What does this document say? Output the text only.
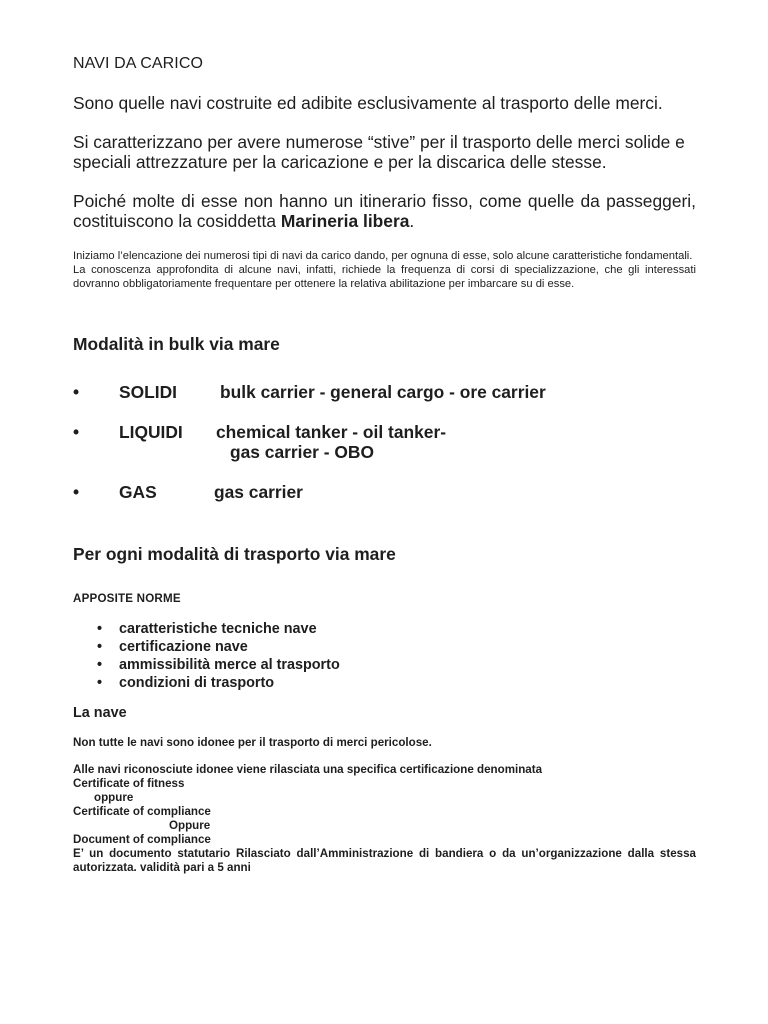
NAVI DA CARICO

Sono quelle navi costruite ed adibite esclusivamente al trasporto delle merci.

Si caratterizzano per avere numerose “stive” per il trasporto delle merci solide e speciali attrezzature per la caricazione e per la discarica delle stesse.

Poiché molte di esse non hanno un itinerario fisso, come quelle da passeggeri, costituiscono la cosiddetta Marineria libera.

Iniziamo l’elencazione dei numerosi tipi di navi da carico dando, per ognuna di esse, solo alcune caratteristiche fondamentali.

La conoscenza approfondita di alcune navi, infatti, richiede la frequenza di corsi di specializzazione, che gli interessati dovranno obbligatoriamente frequentare per ottenere la relativa abilitazione per imbarcare su di esse.

Modalità in bulk via mare
• SOLIDI bulk carrier - general cargo - ore carrier
• LIQUIDI chemical tanker - oil tanker-
gas carrier - OBO
• GAS	gas carrier
Per ogni modalità di trasporto via mare
APPOSITE NORME
• caratteristiche tecniche nave
• certificazione nave
• ammissibilità merce al trasporto
• condizioni di trasporto
La nave
Non tutte le navi sono idonee per il trasporto di merci pericolose.
Alle navi riconosciute idonee viene rilasciata una specifica certificazione denominata
Certificate of fitness
oppure
Certificate of compliance
Oppure
Document of compliance
E’ un documento statutario Rilasciato dall’Amministrazione di bandiera o da un’organizzazione dalla stessa autorizzata. validità pari a 5 anni
